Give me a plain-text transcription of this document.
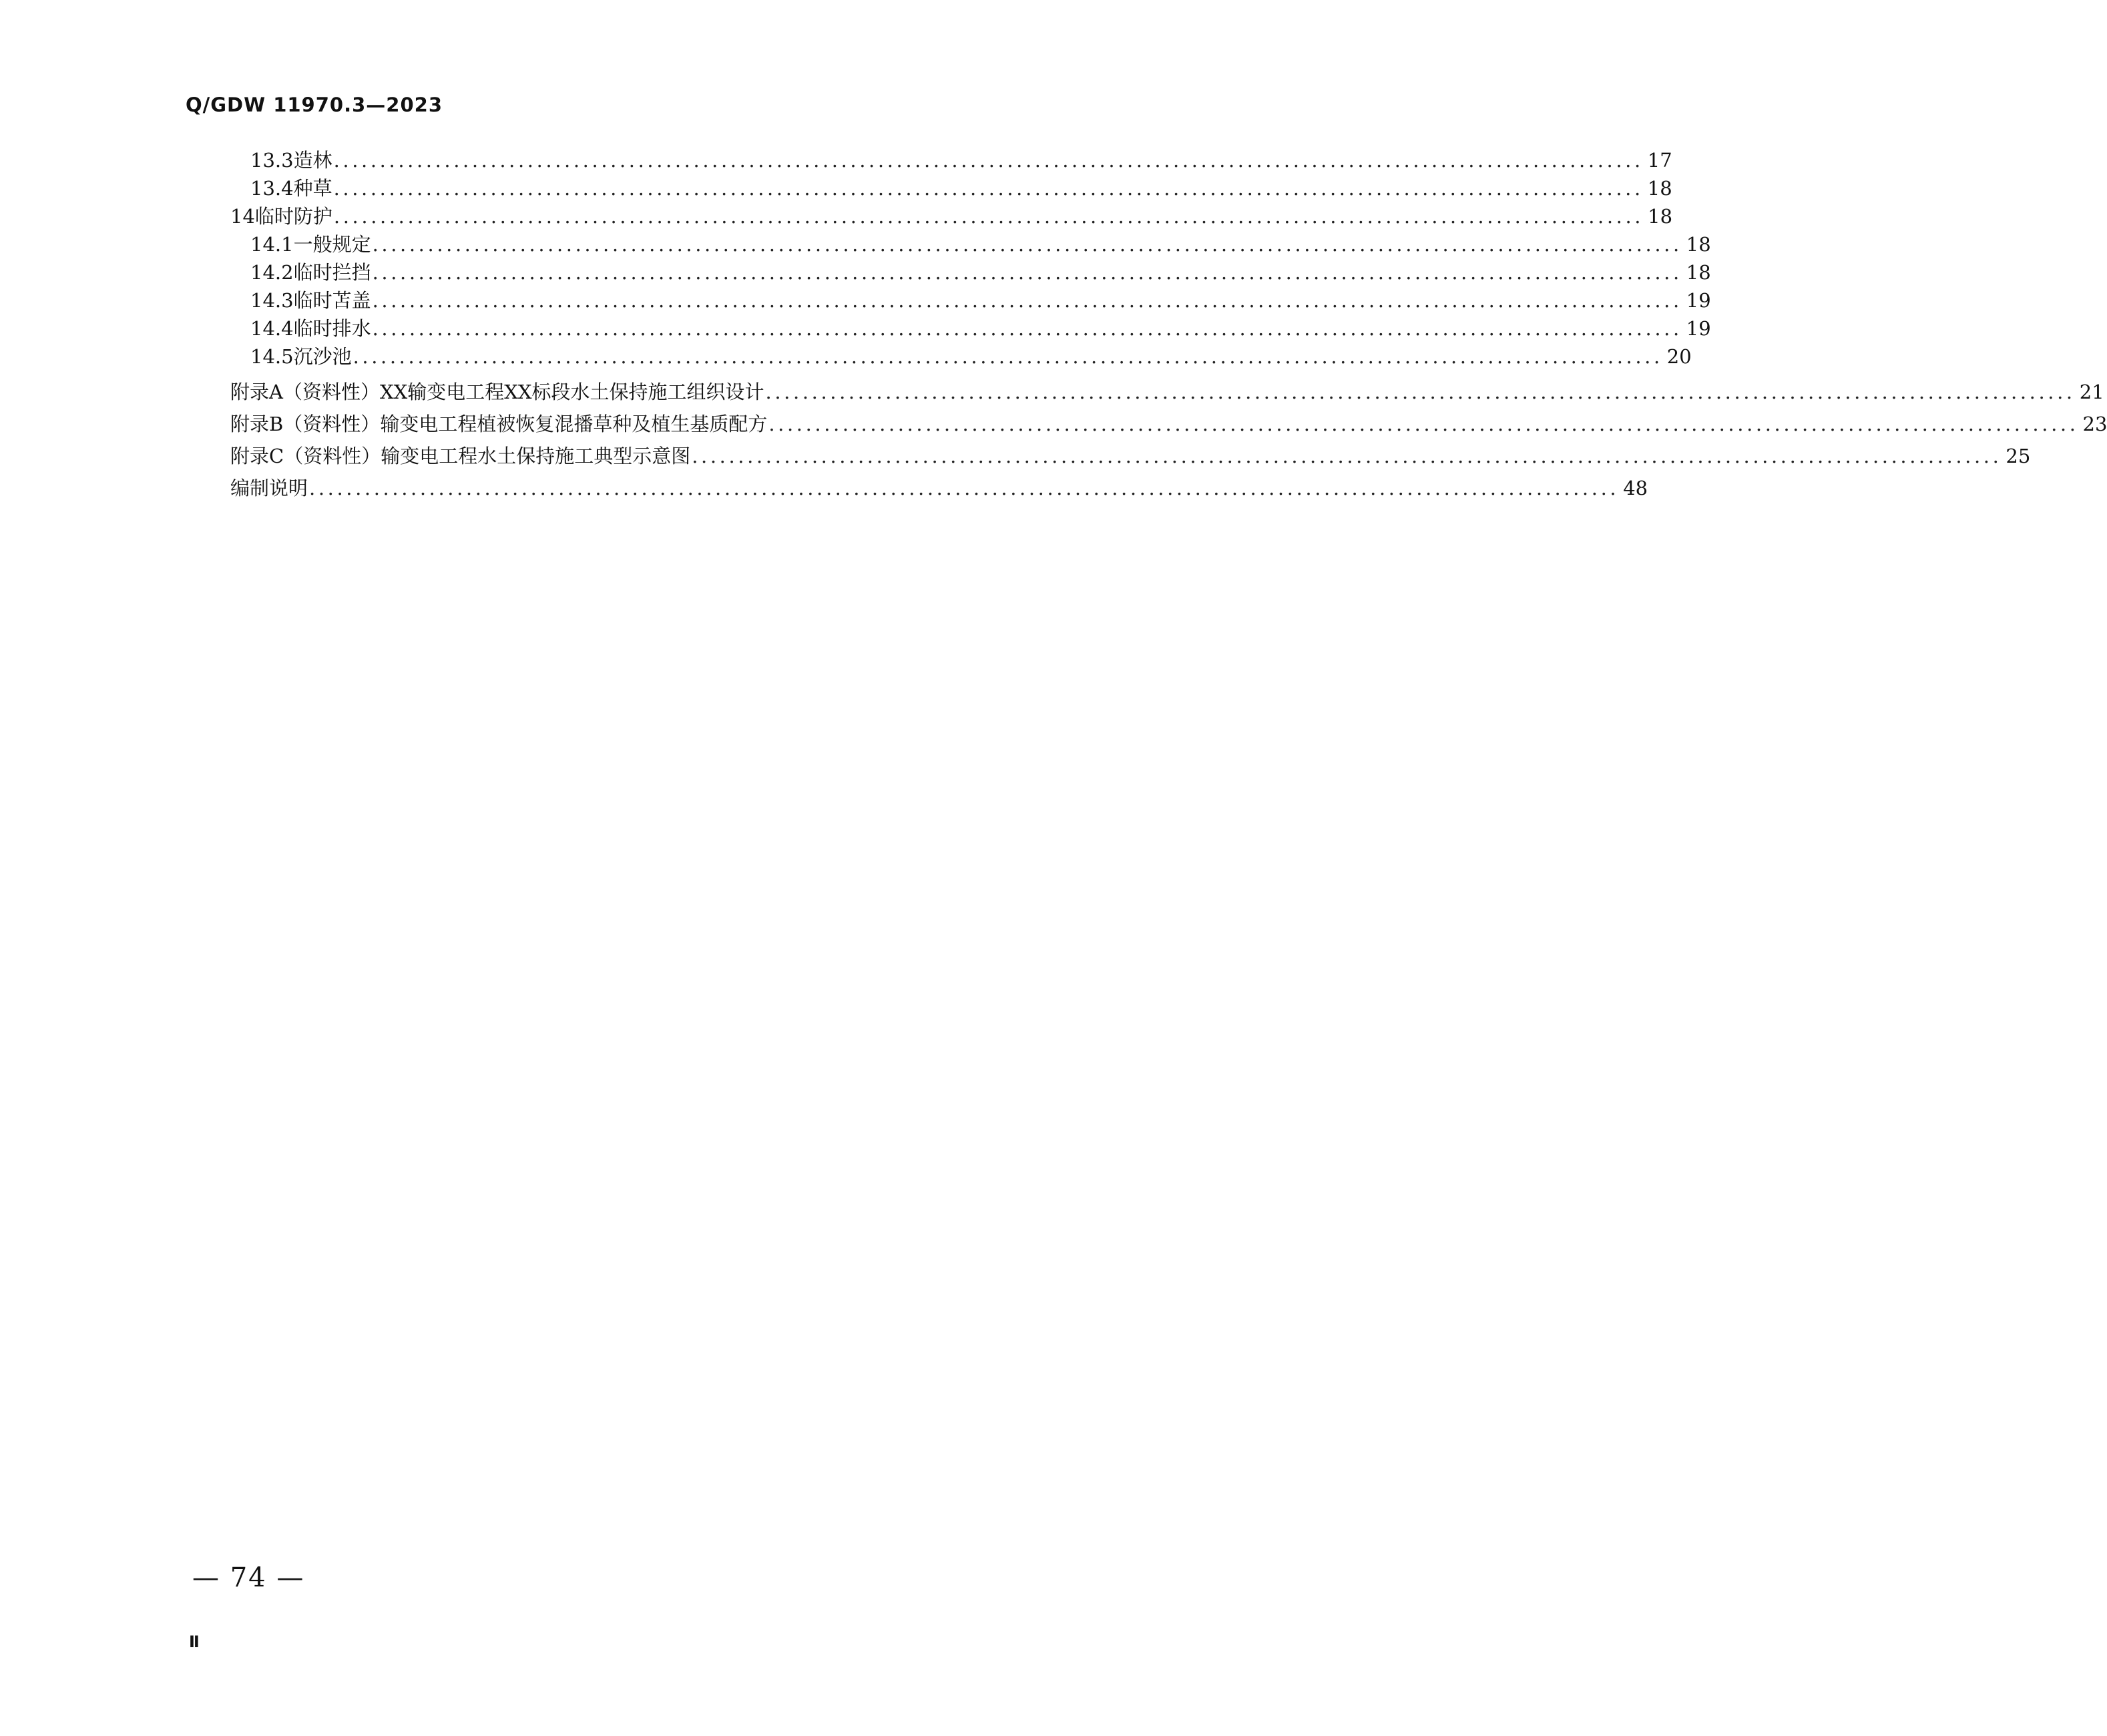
Q/GDW 11970.3—2023
13.3 造林 .............................................................................................................................................. 17
13.4 种草 .............................................................................................................................................. 18
14 临时防护 .............................................................................................................................................. 18
14.1 一般规定 .............................................................................................................................................. 18
14.2 临时拦挡 .............................................................................................................................................. 18
14.3 临时苫盖 .............................................................................................................................................. 19
14.4 临时排水 .............................................................................................................................................. 19
14.5 沉沙池 .............................................................................................................................................. 20
附录A（资料性） XX输变电工程XX标段水土保持施工组织设计 .............................................................................................................................................. 21
附录B（资料性） 输变电工程植被恢复混播草种及植生基质配方 .............................................................................................................................................. 23
附录C（资料性） 输变电工程水土保持施工典型示意图 .............................................................................................................................................. 25
编制说明 .............................................................................................................................................. 48
— 74 —
Ⅱ
